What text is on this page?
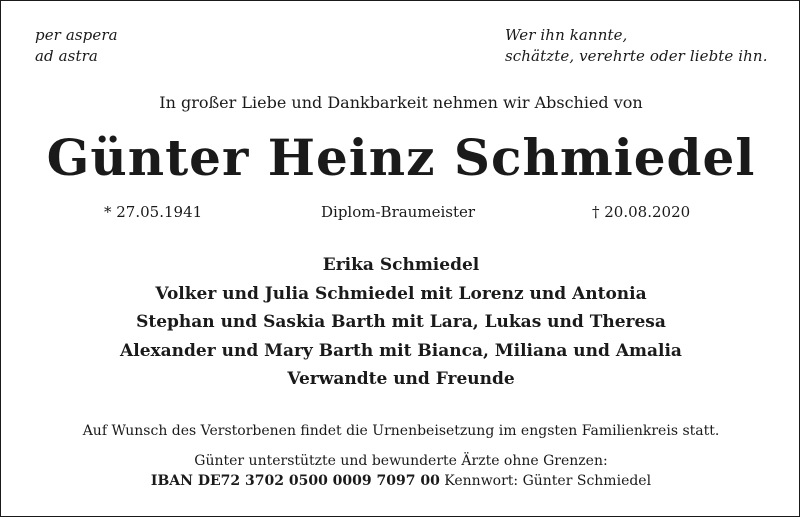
per aspera
ad astra
Wer ihn kannte,
schätzte, verehrte oder liebte ihn.
In großer Liebe und Dankbarkeit nehmen wir Abschied von
Günter Heinz Schmiedel
* 27.05.1941	Diplom-Braumeister	† 20.08.2020
Erika Schmiedel
Volker und Julia Schmiedel mit Lorenz und Antonia
Stephan und Saskia Barth mit Lara, Lukas und Theresa
Alexander und Mary Barth mit Bianca, Miliana und Amalia
Verwandte und Freunde
Auf Wunsch des Verstorbenen findet die Urnenbeisetzung im engsten Familienkreis statt.
Günter unterstützte und bewunderte Ärzte ohne Grenzen:
IBAN DE72 3702 0500 0009 7097 00 Kennwort: Günter Schmiedel
